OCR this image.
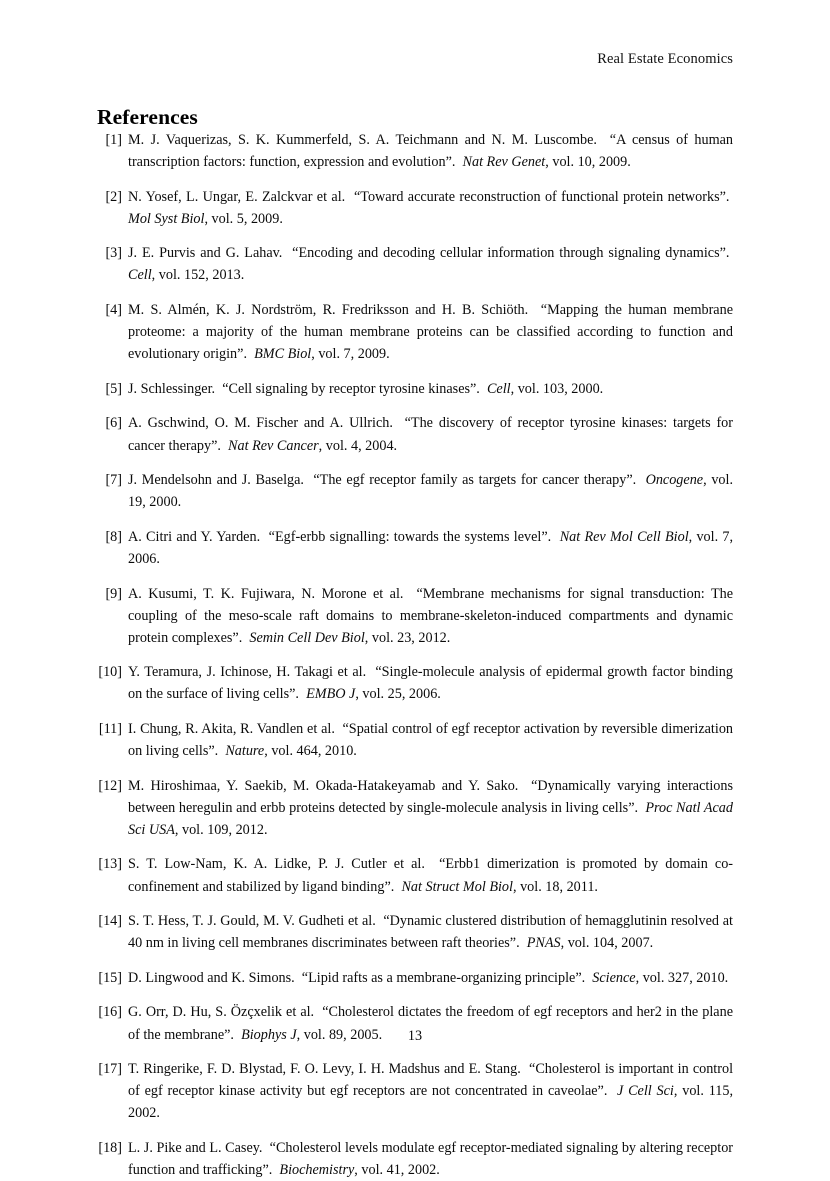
Real Estate Economics
References
[1] M. J. Vaquerizas, S. K. Kummerfeld, S. A. Teichmann and N. M. Luscombe. “A census of human transcription factors: function, expression and evolution”. Nat Rev Genet, vol. 10, 2009.
[2] N. Yosef, L. Ungar, E. Zalckvar et al. “Toward accurate reconstruction of functional protein networks”.  Mol Syst Biol, vol. 5, 2009.
[3] J. E. Purvis and G. Lahav. “Encoding and decoding cellular information through signaling dynamics”.  Cell, vol. 152, 2013.
[4] M. S. Almén, K. J. Nordström, R. Fredriksson and H. B. Schiöth. “Mapping the human membrane proteome: a majority of the human membrane proteins can be classified according to function and evolutionary origin”. BMC Biol, vol. 7, 2009.
[5] J. Schlessinger. “Cell signaling by receptor tyrosine kinases”. Cell, vol. 103, 2000.
[6] A. Gschwind, O. M. Fischer and A. Ullrich. “The discovery of receptor tyrosine kinases: targets for cancer therapy”. Nat Rev Cancer, vol. 4, 2004.
[7] J. Mendelsohn and J. Baselga. “The egf receptor family as targets for cancer therapy”. Oncogene, vol. 19, 2000.
[8] A. Citri and Y. Yarden. “Egf-erbb signalling: towards the systems level”. Nat Rev Mol Cell Biol, vol. 7, 2006.
[9] A. Kusumi, T. K. Fujiwara, N. Morone et al. “Membrane mechanisms for signal transduction: The coupling of the meso-scale raft domains to membrane-skeleton-induced compartments and dynamic protein complexes”. Semin Cell Dev Biol, vol. 23, 2012.
[10] Y. Teramura, J. Ichinose, H. Takagi et al. “Single-molecule analysis of epidermal growth factor binding on the surface of living cells”. EMBO J, vol. 25, 2006.
[11] I. Chung, R. Akita, R. Vandlen et al. “Spatial control of egf receptor activation by reversible dimerization on living cells”. Nature, vol. 464, 2010.
[12] M. Hiroshimaa, Y. Saekib, M. Okada-Hatakeyamab and Y. Sako. “Dynamically varying interactions between heregulin and erbb proteins detected by single-molecule analysis in living cells”. Proc Natl Acad Sci USA, vol. 109, 2012.
[13] S. T. Low-Nam, K. A. Lidke, P. J. Cutler et al. “Erbb1 dimerization is promoted by domain co-confinement and stabilized by ligand binding”. Nat Struct Mol Biol, vol. 18, 2011.
[14] S. T. Hess, T. J. Gould, M. V. Gudheti et al. “Dynamic clustered distribution of hemagglutinin resolved at 40 nm in living cell membranes discriminates between raft theories”. PNAS, vol. 104, 2007.
[15] D. Lingwood and K. Simons. “Lipid rafts as a membrane-organizing principle”. Science, vol. 327, 2010.
[16] G. Orr, D. Hu, S. Özçxelik et al. “Cholesterol dictates the freedom of egf receptors and her2 in the plane of the membrane”. Biophys J, vol. 89, 2005.
[17] T. Ringerike, F. D. Blystad, F. O. Levy, I. H. Madshus and E. Stang. “Cholesterol is important in control of egf receptor kinase activity but egf receptors are not concentrated in caveolae”. J Cell Sci, vol. 115, 2002.
[18] L. J. Pike and L. Casey. “Cholesterol levels modulate egf receptor-mediated signaling by altering receptor function and trafficking”. Biochemistry, vol. 41, 2002.
13
